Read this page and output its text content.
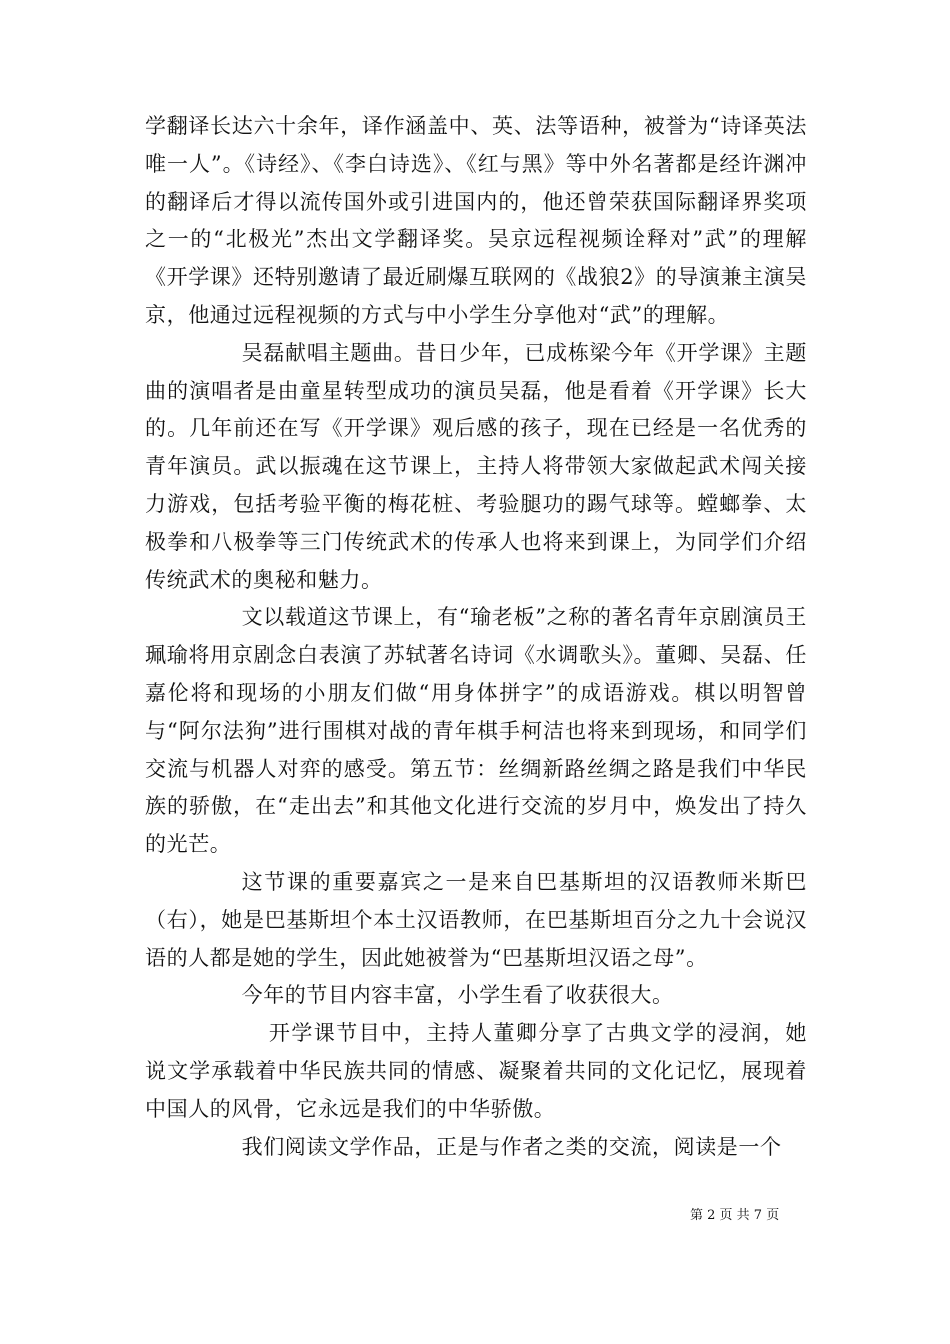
学翻译长达六十余年，译作涵盖中、英、法等语种，被誉为“诗译英法唯一人”。《诗经》、《李白诗选》、《红与黑》等中外名著都是经许渊冲的翻译后才得以流传国外或引进国内的，他还曾荣获国际翻译界奖项之一的“北极光”杰出文学翻译奖。吴京远程视频诠释对”武”的理解《开学课》还特别邀请了最近刷爆互联网的《战狼2》的导演兼主演吴京，他通过远程视频的方式与中小学生分享他对“武”的理解。

吴磊献唱主题曲。昔日少年，已成栋梁今年《开学课》主题曲的演唱者是由童星转型成功的演员吴磊，他是看着《开学课》长大的。几年前还在写《开学课》观后感的孩子，现在已经是一名优秀的青年演员。武以振魂在这节课上，主持人将带领大家做起武术闯关接力游戏，包括考验平衡的梅花桩、考验腿功的踢气球等。螳螂拳、太极拳和八极拳等三门传统武术的传承人也将来到课上，为同学们介绍传统武术的奥秘和魅力。

文以载道这节课上，有“瑜老板”之称的著名青年京剧演员王珮瑜将用京剧念白表演了苏轼著名诗词《水调歌头》。董卿、吴磊、任嘉伦将和现场的小朋友们做“用身体拼字”的成语游戏。棋以明智曾与“阿尔法狗”进行围棋对战的青年棋手柯洁也将来到现场，和同学们交流与机器人对弈的感受。第五节：丝绸新路丝绸之路是我们中华民族的骄傲，在“走出去”和其他文化进行交流的岁月中，焕发出了持久的光芒。

这节课的重要嘉宾之一是来自巴基斯坦的汉语教师米斯巴（右），她是巴基斯坦个本土汉语教师，在巴基斯坦百分之九十会说汉语的人都是她的学生，因此她被誉为“巴基斯坦汉语之母”。

今年的节目内容丰富，小学生看了收获很大。

开学课节目中，主持人董卿分享了古典文学的浸润，她说文学承载着中华民族共同的情感、凝聚着共同的文化记忆，展现着中国人的风骨，它永远是我们的中华骄傲。

我们阅读文学作品，正是与作者之类的交流，阅读是一个

第 2 页 共 7 页
